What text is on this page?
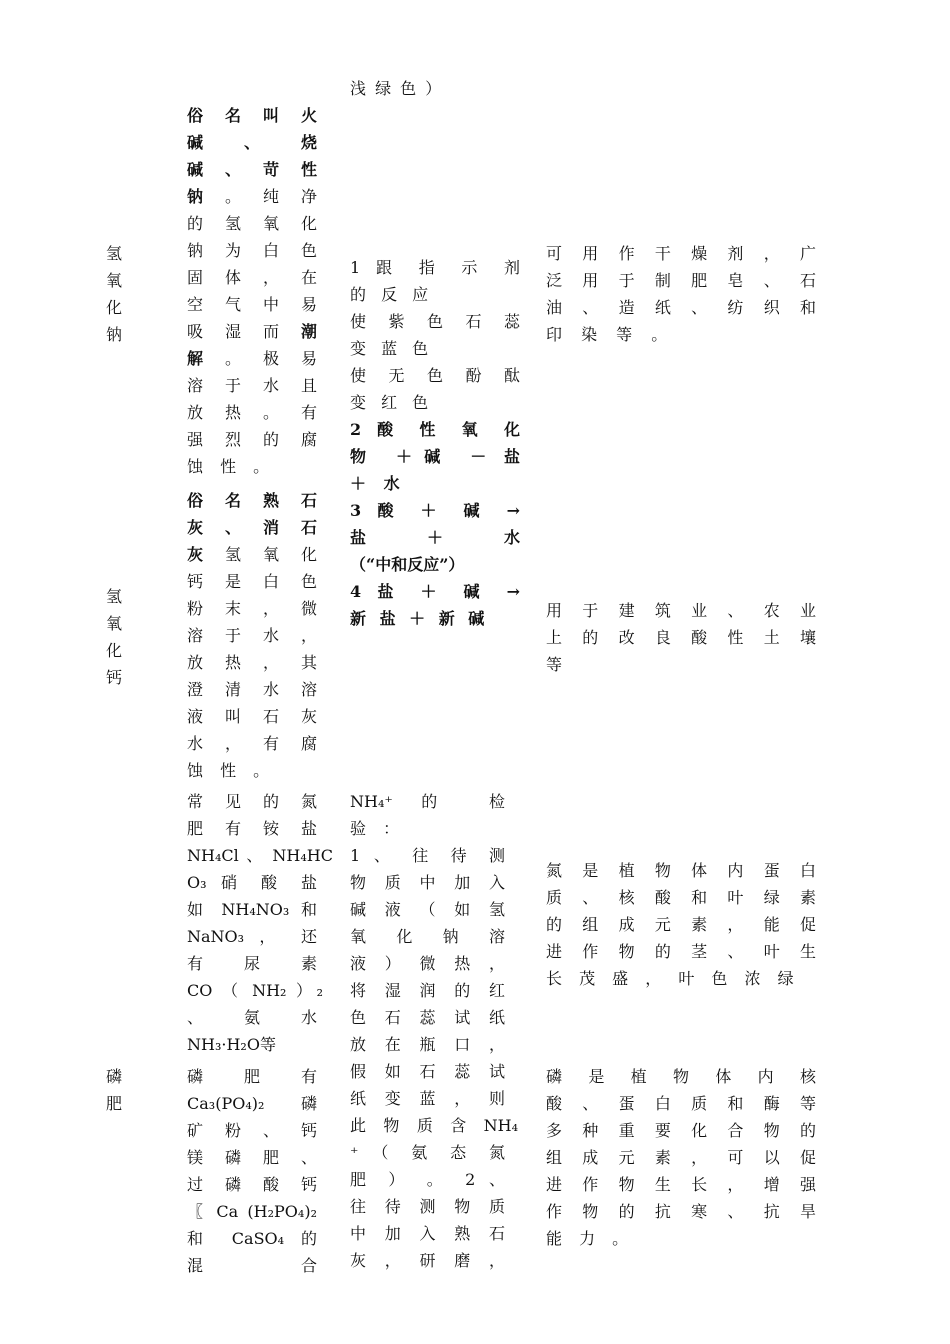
浅 绿 色 ）
氢
氧
化
钠
俗 名 叫 火
碱 、 烧
碱 、 苛 性
钠 。 纯 净
的 氢 氧 化
钠 为 白 色
固 体 ， 在
空 气 中 易
吸 湿 而 潮
解 。 极 易
溶 于 水 且
放 热 。 有
强 烈 的 腐
蚀 性 。
可 用 作 干 燥 剂 ， 广
泛 用 于 制 肥 皂 、 石
油 、 造 纸 、 纺 织 和
印 染 等 。
1 跟 指 示 剂
的 反 应
使 紫 色 石 蕊
变 蓝 色
使 无 色 酚 酞
变 红 色
2 酸 性 氧 化
物 ＋碱 － 盐
＋ 水
3 酸 ＋ 碱 →
盐 ＋ 水
（“中和反应”）
4 盐 ＋ 碱 →
新 盐 ＋ 新 碱
氢
氧
化
钙
俗 名 熟 石
灰 、 消 石
灰 氢 氧 化
钙 是 白 色
粉 末 ， 微
溶 于 水 ，
放 热 ， 其
澄 清 水 溶
液 叫 石 灰
水 ， 有 腐
蚀 性 。
用 于 建 筑 业 、 农 业
上 的 改 良 酸 性 土 壤
等
常 见 的 氮
肥 有 铵 盐
NH₄Cl 、 NH₄HC
O₃ 硝 酸 盐
如 NH₄NO₃ 和
NaNO₃ ， 还
有 尿 素
CO （ NH₂ ）₂
、 氨 水
NH₃·H₂O等
NH₄⁺ 的 检
验 ：
1 、 往 待 测
物 质 中 加 入
碱 液 （ 如 氢
氧 化 钠 溶
液 ） 微 热 ，
将 湿 润 的 红
色 石 蕊 试 纸
放 在 瓶 口 ，
假 如 石 蕊 试
纸 变 蓝 ， 则
此 物 质 含 NH₄
⁺ （ 氨 态 氮
肥 ） 。 2 、
往 待 测 物 质
中 加 入 熟 石
灰 ， 研 磨 ，
氮 是 植 物 体 内 蛋 白
质 、 核 酸 和 叶 绿 素
的 组 成 元 素 ， 能 促
进 作 物 的 茎 、 叶 生
长 茂 盛 ， 叶 色 浓 绿
磷
肥
磷 肥 有
Ca₃(PO₄)₂ 磷
矿 粉 、 钙
镁 磷 肥 、
过 磷 酸 钙
〖 Ca (H₂PO₄)₂
和 CaSO₄ 的
混 合
磷 是 植 物 体 内 核
酸 、 蛋 白 质 和 酶 等
多 种 重 要 化 合 物 的
组 成 元 素 ， 可 以 促
进 作 物 生 长 ， 增 强
作 物 的 抗 寒 、 抗 旱
能 力 。
